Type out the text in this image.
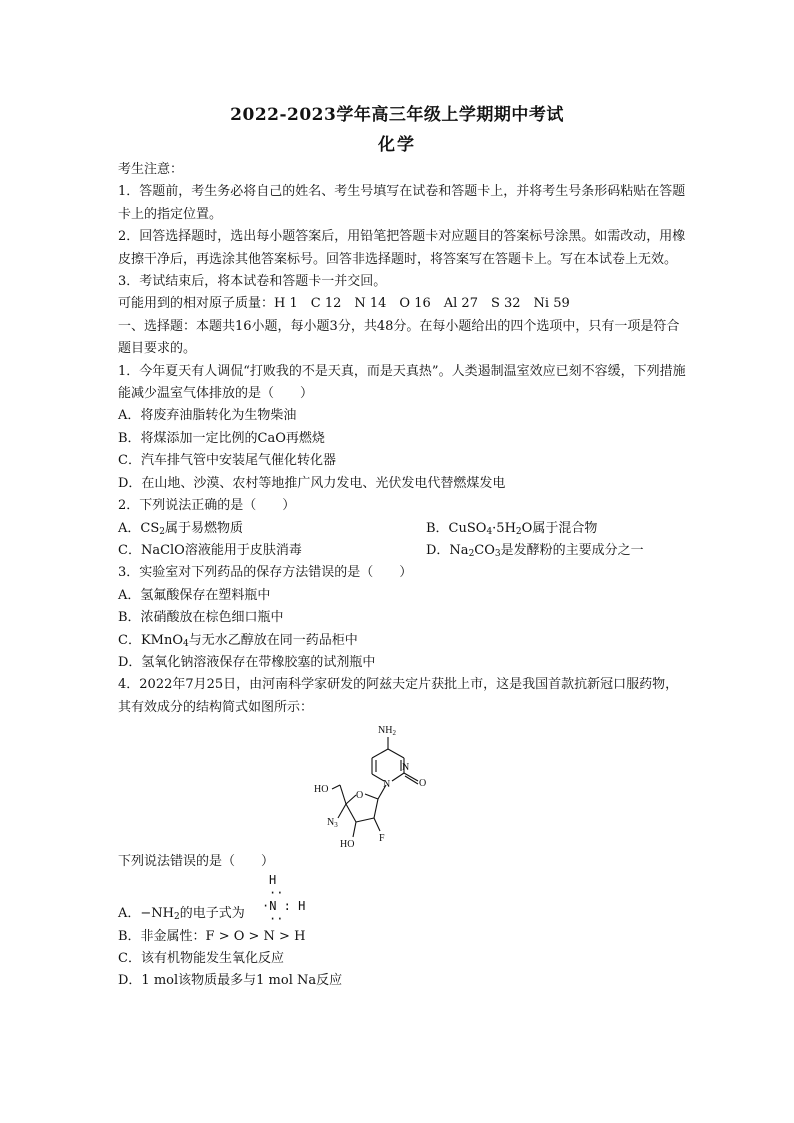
2022-2023学年高三年级上学期期中考试
化学

考生注意：

1．答题前，考生务必将自己的姓名、考生号填写在试卷和答题卡上，并将考生号条形码粘贴在答题卡上的指定位置。

2．回答选择题时，选出每小题答案后，用铅笔把答题卡对应题目的答案标号涂黑。如需改动，用橡皮擦干净后，再选涂其他答案标号。回答非选择题时，将答案写在答题卡上。写在本试卷上无效。

3．考试结束后，将本试卷和答题卡一并交回。

可能用到的相对原子质量：H 1　C 12　N 14　O 16　Al 27　S 32　Ni 59

一、选择题：本题共16小题，每小题3分，共48分。在每小题给出的四个选项中，只有一项是符合题目要求的。

1．今年夏天有人调侃“打败我的不是天真，而是天真热”。人类遏制温室效应已刻不容缓，下列措施能减少温室气体排放的是（　　）

A．将废弃油脂转化为生物柴油

B．将煤添加一定比例的CaO再燃烧

C．汽车排气管中安装尾气催化转化器

D．在山地、沙漠、农村等地推广风力发电、光伏发电代替燃煤发电

2．下列说法正确的是（　　）

A．$CS_2$属于易燃物质	B．$CuSO_4\cdot 5H_2O$属于混合物
C．NaClO溶液能用于皮肤消毒	D．$Na_2CO_3$是发酵粉的主要成分之一

3．实验室对下列药品的保存方法错误的是（　　）

A．氢氟酸保存在塑料瓶中

B．浓硝酸放在棕色细口瓶中

C．KMnO$_4$与无水乙醇放在同一药品柜中

D．氢氧化钠溶液保存在带橡胶塞的试剂瓶中

4．2022年7月25日，由河南科学家研发的阿兹夫定片获批上市，这是我国首款抗新冠口服药物，其有效成分的结构简式如图所示：

$NH_2$
N
N	O
HO
O
$N_3$
HO
F

下列说法错误的是（　　）

H
··
·N : H
··
A．$-NH_2$的电子式为

B．非金属性：F > O > N > H

C．该有机物能发生氧化反应

D．1 mol该物质最多与1 mol Na反应
